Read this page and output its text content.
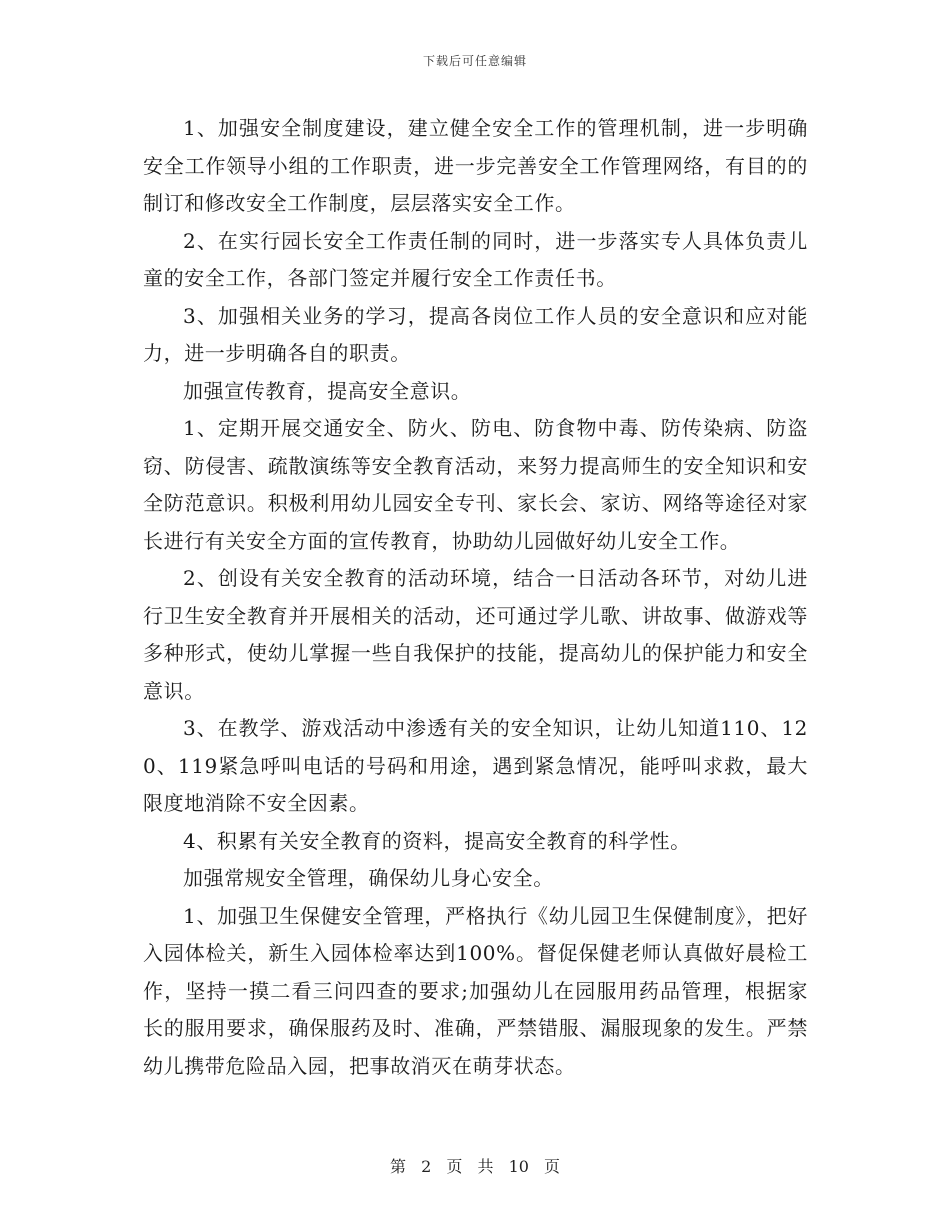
下载后可任意编辑

1、加强安全制度建设，建立健全安全工作的管理机制，进一步明确安全工作领导小组的工作职责，进一步完善安全工作管理网络，有目的的制订和修改安全工作制度，层层落实安全工作。

2、在实行园长安全工作责任制的同时，进一步落实专人具体负责儿童的安全工作，各部门签定并履行安全工作责任书。

3、加强相关业务的学习，提高各岗位工作人员的安全意识和应对能力，进一步明确各自的职责。

加强宣传教育，提高安全意识。

1、定期开展交通安全、防火、防电、防食物中毒、防传染病、防盗窃、防侵害、疏散演练等安全教育活动，来努力提高师生的安全知识和安全防范意识。积极利用幼儿园安全专刊、家长会、家访、网络等途径对家长进行有关安全方面的宣传教育，协助幼儿园做好幼儿安全工作。

2、创设有关安全教育的活动环境，结合一日活动各环节，对幼儿进行卫生安全教育并开展相关的活动，还可通过学儿歌、讲故事、做游戏等多种形式，使幼儿掌握一些自我保护的技能，提高幼儿的保护能力和安全意识。

3、在教学、游戏活动中渗透有关的安全知识，让幼儿知道110、120、119紧急呼叫电话的号码和用途，遇到紧急情况，能呼叫求救，最大限度地消除不安全因素。

4、积累有关安全教育的资料，提高安全教育的科学性。

加强常规安全管理，确保幼儿身心安全。

1、加强卫生保健安全管理，严格执行《幼儿园卫生保健制度》，把好入园体检关，新生入园体检率达到100%。督促保健老师认真做好晨检工作，坚持一摸二看三问四查的要求;加强幼儿在园服用药品管理，根据家长的服用要求，确保服药及时、准确，严禁错服、漏服现象的发生。严禁幼儿携带危险品入园，把事故消灭在萌芽状态。

第 2 页 共 10 页
